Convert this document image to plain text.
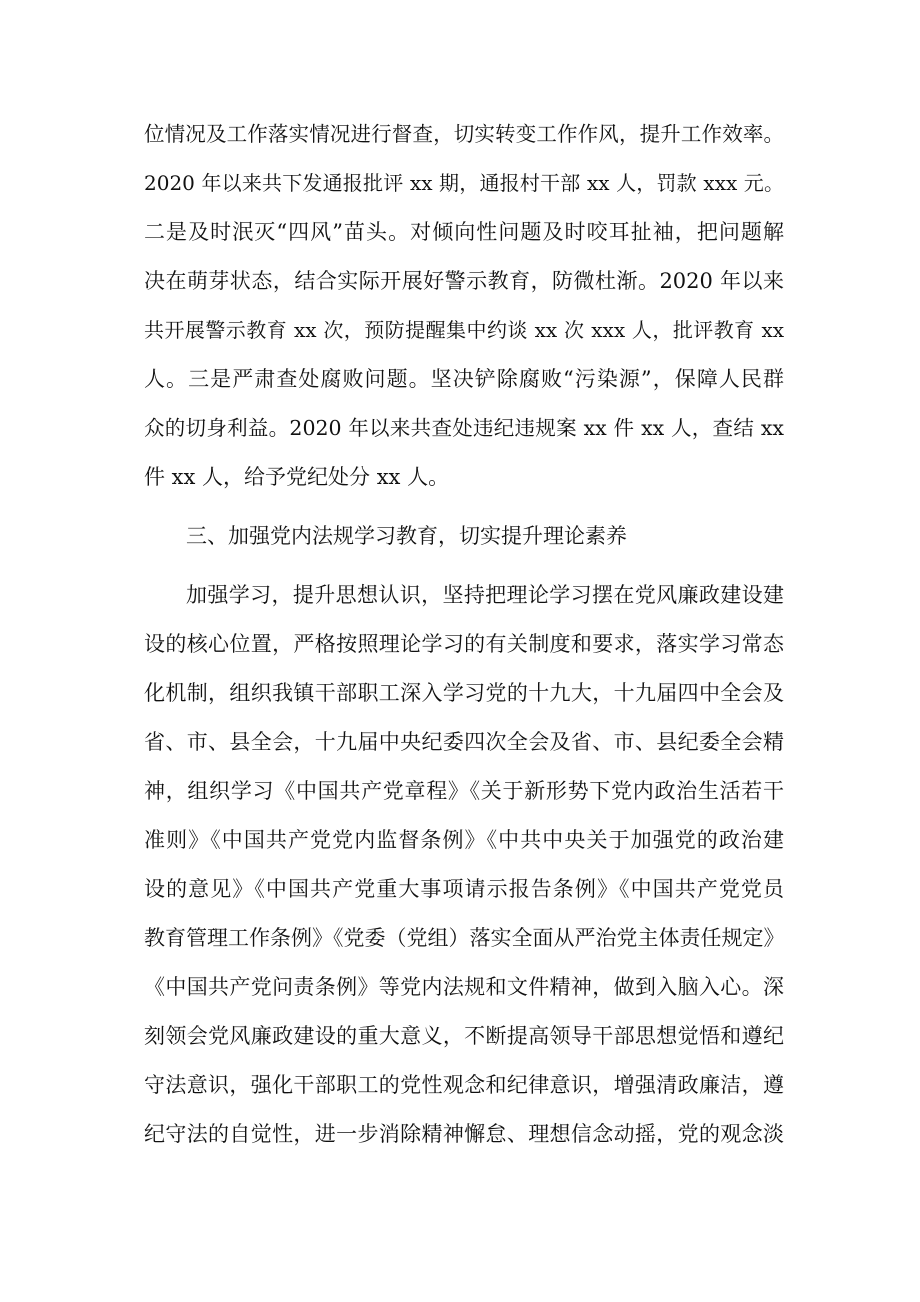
位情况及工作落实情况进行督查，切实转变工作作风，提升工作效率。
2020 年以来共下发通报批评 xx 期，通报村干部 xx 人，罚款 xxx 元。
二是及时泯灭“四风”苗头。对倾向性问题及时咬耳扯袖，把问题解
决在萌芽状态，结合实际开展好警示教育，防微杜渐。2020 年以来
共开展警示教育 xx 次，预防提醒集中约谈 xx 次 xxx 人，批评教育 xx
人。三是严肃查处腐败问题。坚决铲除腐败“污染源”，保障人民群
众的切身利益。2020 年以来共查处违纪违规案 xx 件 xx 人，查结 xx
件 xx 人，给予党纪处分 xx 人。
三、加强党内法规学习教育，切实提升理论素养
加强学习，提升思想认识，坚持把理论学习摆在党风廉政建设建
设的核心位置，严格按照理论学习的有关制度和要求，落实学习常态
化机制，组织我镇干部职工深入学习党的十九大，十九届四中全会及
省、市、县全会，十九届中央纪委四次全会及省、市、县纪委全会精
神，组织学习《中国共产党章程》《关于新形势下党内政治生活若干
准则》《中国共产党党内监督条例》《中共中央关于加强党的政治建
设的意见》《中国共产党重大事项请示报告条例》《中国共产党党员
教育管理工作条例》《党委（党组）落实全面从严治党主体责任规定》
《中国共产党问责条例》等党内法规和文件精神，做到入脑入心。深
刻领会党风廉政建设的重大意义，不断提高领导干部思想觉悟和遵纪
守法意识，强化干部职工的党性观念和纪律意识，增强清政廉洁，遵
纪守法的自觉性，进一步消除精神懈怠、理想信念动摇，党的观念淡
